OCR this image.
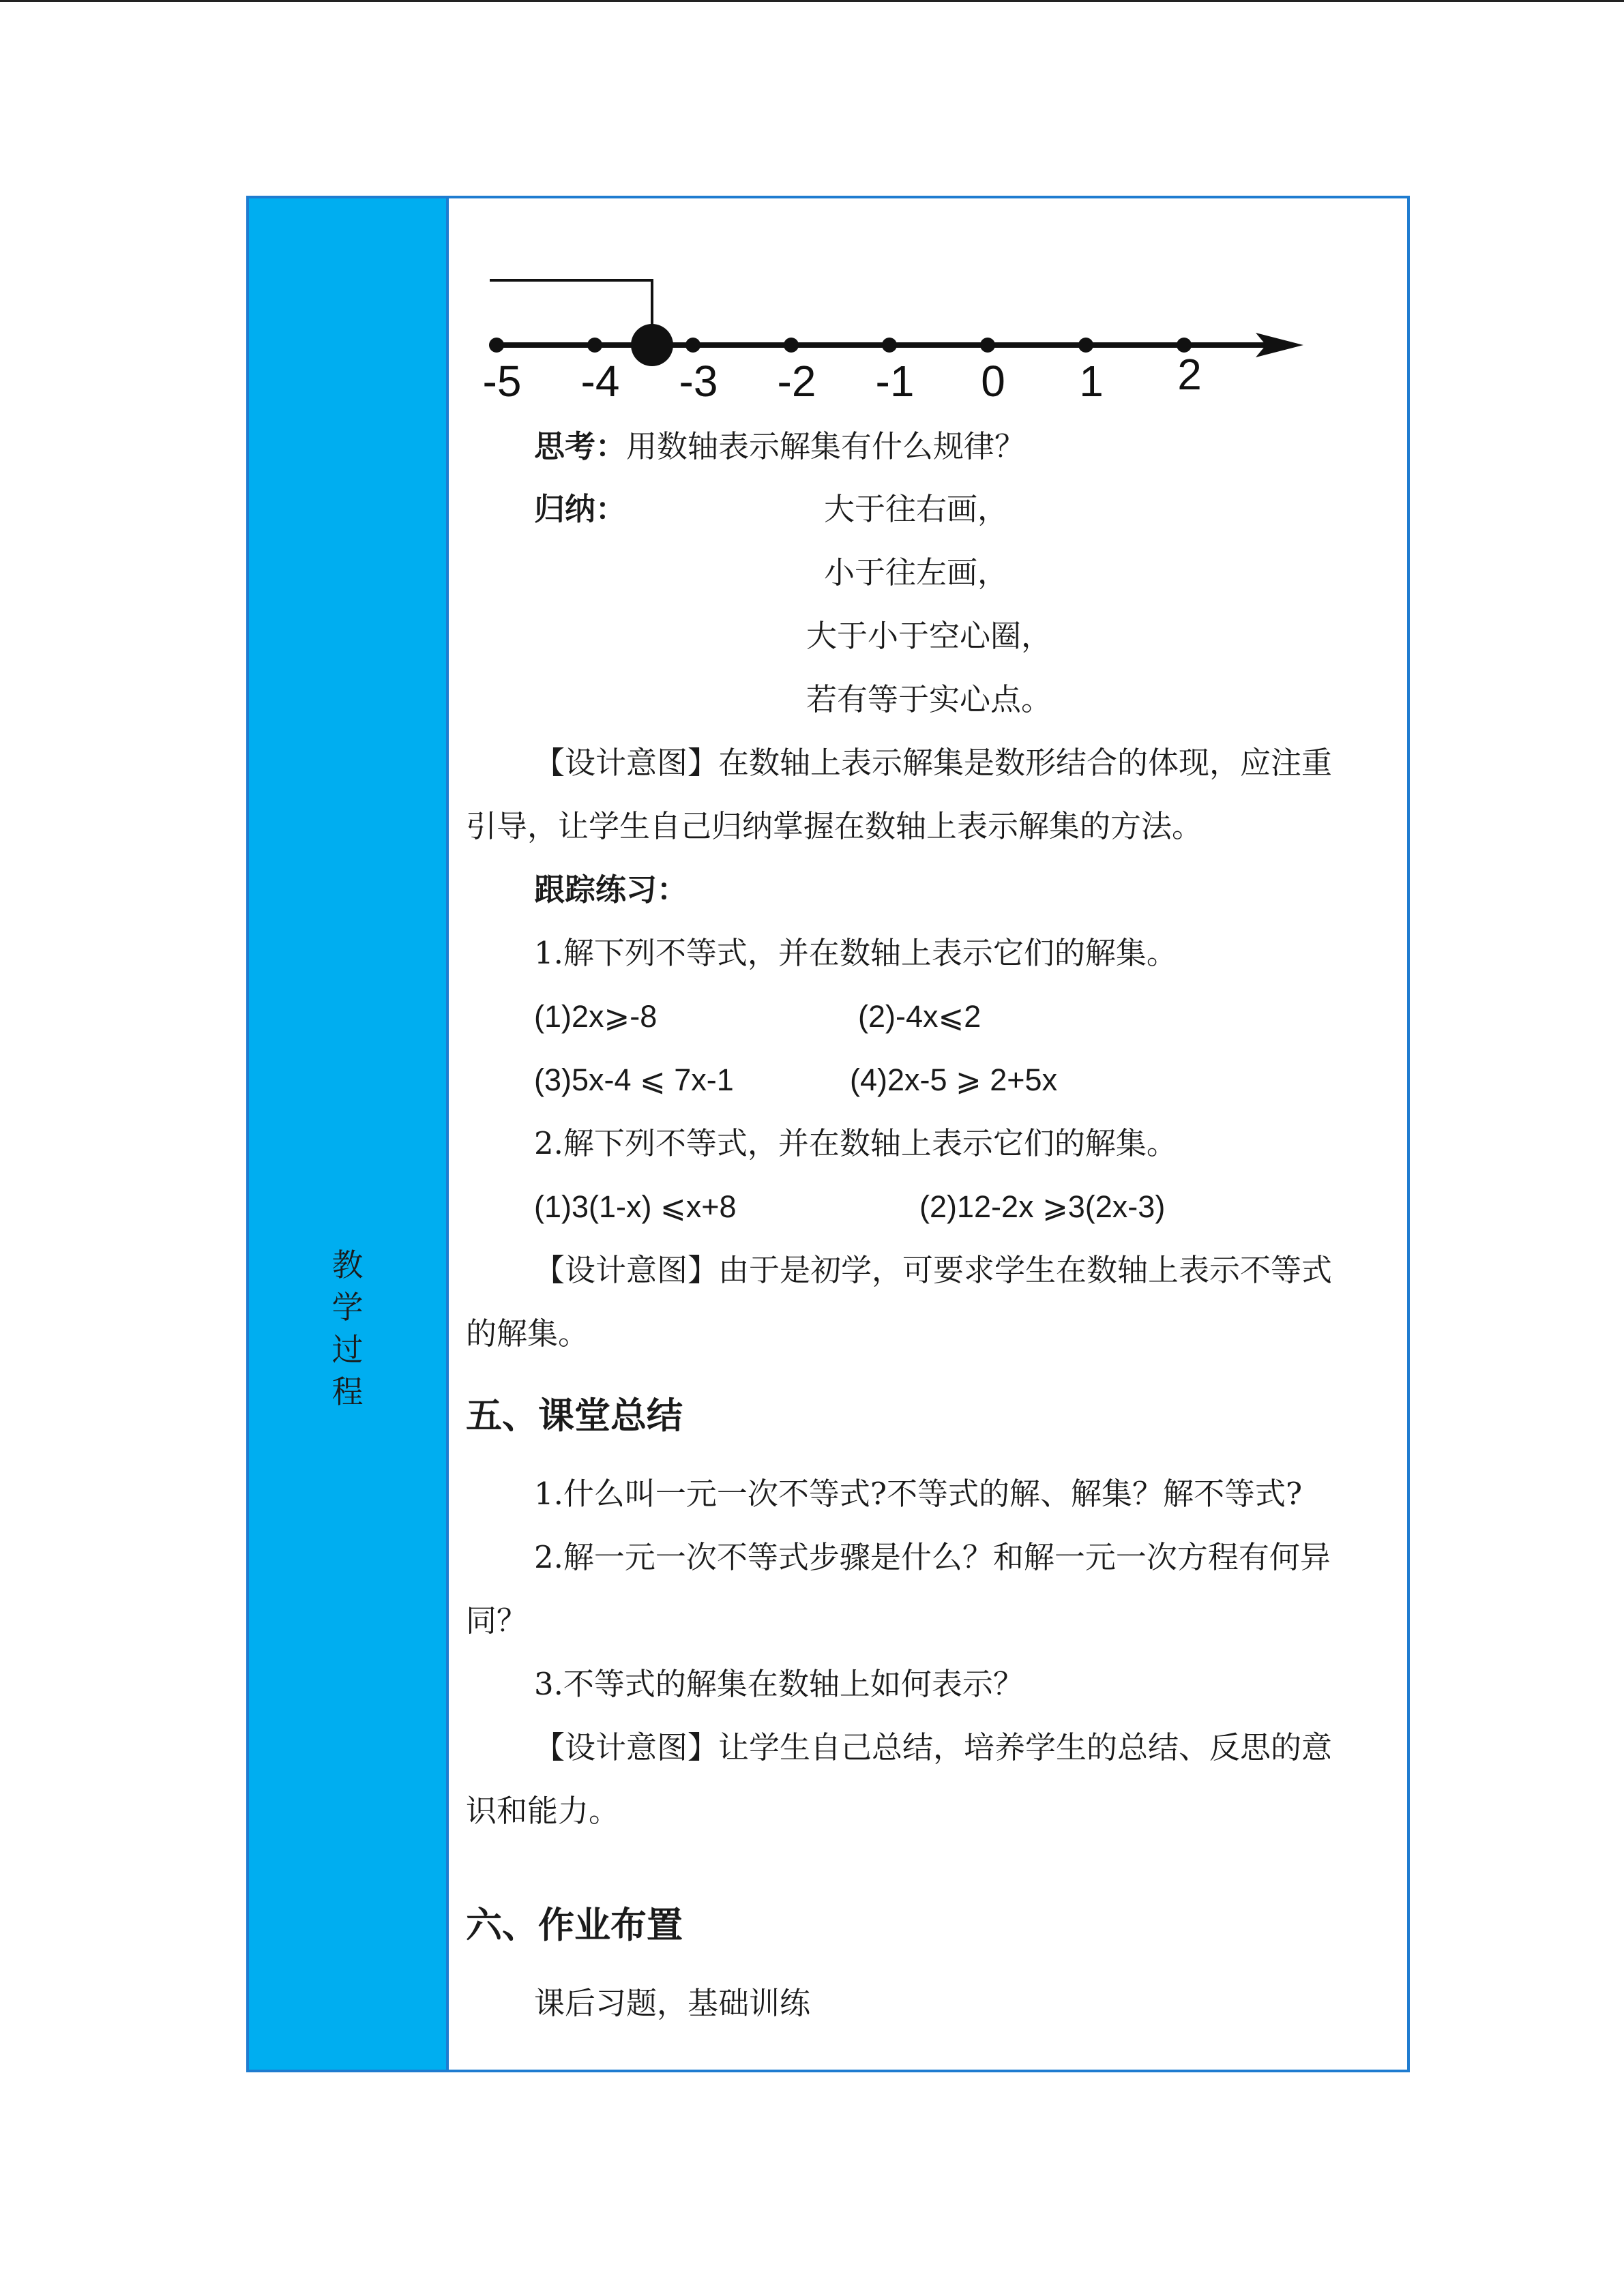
教
学
过
程
-5 -4 -3 -2 -1 0 1 2

思考：用数轴表示解集有什么规律？

归纳：	大于往右画，

小于往左画，

大于小于空心圈，

若有等于实心点。

【设计意图】在数轴上表示解集是数形结合的体现，应注重

引导，让学生自己归纳掌握在数轴上表示解集的方法。

跟踪练习：

1.解下列不等式，并在数轴上表示它们的解集。

(1)2x⩾-8	(2)-4x⩽2

(3)5x-4 ⩽ 7x-1	(4)2x-5 ⩾ 2+5x

2.解下列不等式，并在数轴上表示它们的解集。

(1)3(1-x) ⩽x+8	(2)12-2x ⩾3(2x-3)

【设计意图】由于是初学，可要求学生在数轴上表示不等式

的解集。

五、课堂总结

1.什么叫一元一次不等式?不等式的解、解集？解不等式?

2.解一元一次不等式步骤是什么？和解一元一次方程有何异

同？

3.不等式的解集在数轴上如何表示？

【设计意图】让学生自己总结，培养学生的总结、反思的意

识和能力。

六、作业布置

课后习题，基础训练
